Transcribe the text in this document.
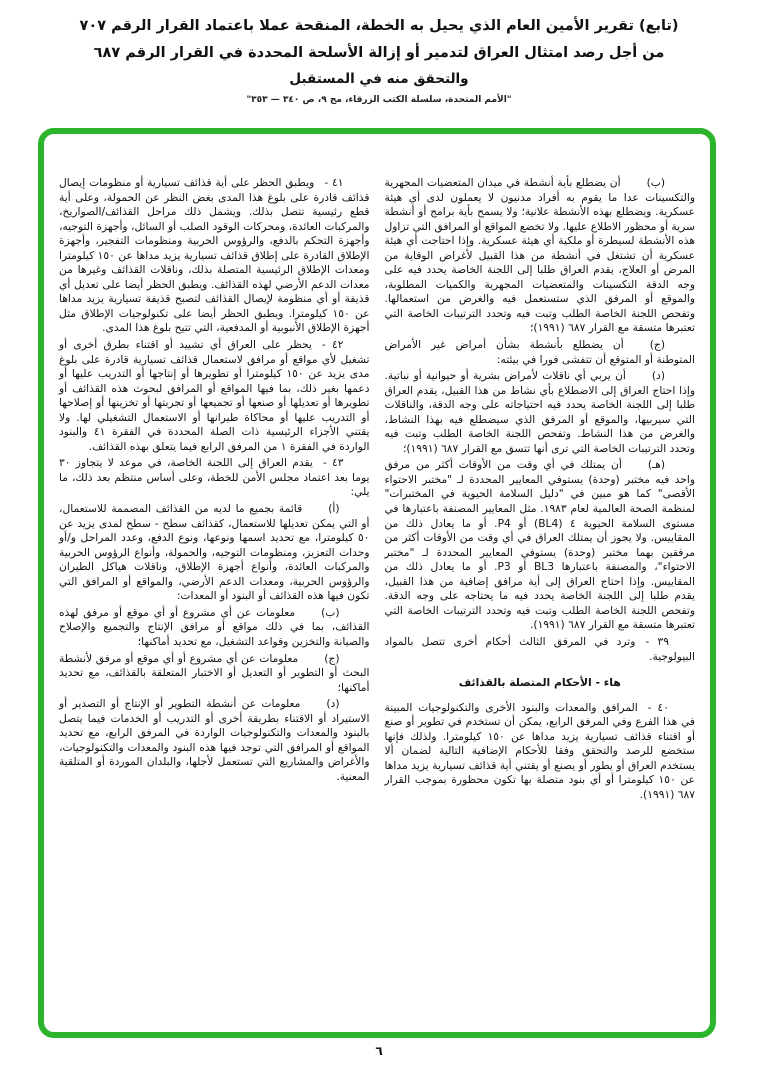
(تابع) تقرير الأمين العام الذي يحيل به الخطة، المنقحة عملا باعتماد القرار الرقم ٧٠٧

من أجل رصد امتثال العراق لتدمير أو إزالة الأسلحة المحددة في القرار الرقم ٦٨٧

والتحقق منه في المستقبل

"الأمم المتحدة، سلسلة الكتب الزرقاء، مج ٩، ص ٣٤٠ — ٣٥٣"

(ب)أن يضطلع بأية أنشطة في ميدان المتعضيات المجهرية والتكسينات عدا ما يقوم به أفراد مدنيون لا يعملون لدى أي هيئة عسكرية. ويضطلع بهذه الأنشطة علانية؛ ولا يسمح بأية برامج أو أنشطة سرية أو محظور الاطلاع عليها. ولا تخضع المواقع أو المرافق التي تزاول هذه الأنشطة لسيطرة أو ملكية أي هيئة عسكرية. وإذا احتاجت أي هيئة عسكرية أن تشتغل في أنشطة من هذا القبيل لأغراض الوقاية من المرض أو العلاج، يقدم العراق طلبا إلى اللجنة الخاصة يحدد فيه على وجه الدقة التكسينات والمتعضيات المجهرية والكميات المطلوبة، والموقع أو المرفق الذي ستستعمل فيه والغرض من استعمالها. وتفحص اللجنة الخاصة الطلب وتبت فيه وتحدد الترتيبات الخاصة التي تعتبرها متسقة مع القرار ٦٨٧ (١٩٩١)؛

(ج)أن يضطلع بأنشطة بشأن أمراض غير الأمراض المتوطنة أو المتوقع أن تتفشى فورا في بيئته:

(د)أن يربي أي ناقلات لأمراض بشرية أو حيوانية أو نباتية. وإذا احتاج العراق إلى الاضطلاع بأي نشاط من هذا القبيل، يقدم العراق طلبا إلى اللجنة الخاصة يحدد فيه احتياجاته على وجه الدقة، والناقلات التي سيربيها، والموقع أو المرفق الذي سيضطلع فيه بهذا النشاط، والغرض من هذا النشاط. وتفحص اللجنة الخاصة الطلب وتبت فيه وتحدد الترتيبات الخاصة التي ترى أنها تتسق مع القرار ٦٨٧ (١٩٩١)؛

(هـ)أن يمتلك في أي وقت من الأوقات أكثر من مرفق واحد فيه مختبر (وحدة) يستوفي المعايير المحددة لـ "مختبر الاحتواء الأقصى" كما هو مبين في "دليل السلامة الحيوية في المختبرات" لمنظمة الصحة العالمية لعام ١٩٨٣. مثل المعايير المصنفة باعتبارها في مستوى السلامة الحيوية ٤ (BL4) أو P4. أو ما يعادل ذلك من المقاييس. ولا يجوز أن يمتلك العراق في أي وقت من الأوقات أكثر من مرفقين بهما مختبر (وحدة) يستوفي المعايير المحددة لـ "مختبر الاحتواء"، والمصنفة باعتبارها BL3 أو P3. أو ما يعادل ذلك من المقاييس. وإذا احتاج العراق إلى أية مرافق إضافية من هذا القبيل، يقدم طلبا إلى اللجنة الخاصة يحدد فيه ما يحتاجه على وجه الدقة. وتفحص اللجنة الخاصة الطلب وتبت فيه وتحدد الترتيبات الخاصة التي تعتبرها متسقة مع القرار ٦٨٧ (١٩٩١).

٣٩ -وترد في المرفق الثالث أحكام أخرى تتصل بالمواد البيولوجية.

هاء - الأحكام المتصلة بالقذائف

٤٠ -المرافق والمعدات والبنود الأخرى والتكنولوجيات المبينة في هذا الفرع وفي المرفق الرابع، يمكن أن تستخدم في تطوير أو صنع أو اقتناء قذائف تسيارية يزيد مداها عن ١٥٠ كيلومترا. ولذلك فإنها ستخضع للرصد والتحقق وفقا للأحكام الإضافية التالية لضمان ألا يستخدم العراق أو يطور أو يصنع أو يقتني أية قذائف تسيارية يزيد مداها عن ١٥٠ كيلومترا أو أي بنود متصلة بها تكون محظورة بموجب القرار ٦٨٧ (١٩٩١).

٤١ -ويطبق الحظر على أية قذائف تسيارية أو منظومات إيصال قذائف قادرة على بلوغ هذا المدى بغض النظر عن الحمولة، وعلى أية قطع رئيسية تتصل بذلك. ويشمل ذلك مراحل القذائف/الصواريخ، والمركبات العائدة، ومحركات الوقود الصلب أو السائل، وأجهزة التوجيه، وأجهزة التحكم بالدفع، والرؤوس الحربية ومنظومات التفجير، وأجهزة الإطلاق القادرة على إطلاق قذائف تسيارية يزيد مداها عن ١٥٠ كيلومترا ومعدات الإطلاق الرئيسية المتصلة بذلك، وناقلات القذائف وغيرها من معدات الدعم الأرضي لهذه القذائف. ويطبق الحظر أيضا على تعديل أي قذيفة أو أي منظومة لإيصال القذائف لتصبح قذيفة تسيارية يزيد مداها عن ١٥٠ كيلومترا. ويطبق الحظر أيضا على تكنولوجيات الإطلاق مثل أجهزة الإطلاق الأنبوبية أو المدفعية، التي تتيح بلوغ هذا المدى.

٤٢ -يحظر على العراق أي تشييد أو اقتناء بطرق أخرى أو تشغيل لأي مواقع أو مرافق لاستعمال قذائف تسيارية قادرة على بلوغ مدى يزيد عن ١٥٠ كيلومترا أو تطويرها أو إنتاجها أو التدريب عليها أو دعمها بغير ذلك، بما فيها المواقع أو المرافق لبحوث هذه القذائف أو تطويرها أو تعديلها أو صنعها أو تجميعها أو تجربتها أو تخزينها أو إصلاحها أو التدريب عليها أو محاكاة طيرانها أو الاستعمال التشغيلي لها. ولا يقتني الأجزاء الرئيسية ذات الصلة المحددة في الفقرة ٤١ والبنود الواردة في الفقرة ١ من المرفق الرابع فيما يتعلق بهذه القذائف.

٤٣ -يقدم العراق إلى اللجنة الخاصة، في موعد لا يتجاوز ٣٠ يوما بعد اعتماد مجلس الأمن للخطة، وعلى أساس منتظم بعد ذلك، ما يلي:

(أ)قائمة بجميع ما لديه من القذائف المصممة للاستعمال، أو التي يمكن تعديلها للاستعمال، كقذائف سطح - سطح لمدى يزيد عن ٥٠ كيلومترا، مع تحديد اسمها ونوعها، ونوع الدفع، وعدد المراحل و/أو وحدات التعزيز، ومنظومات التوجيه، والحمولة، وأنواع الرؤوس الحربية والمركبات العائدة، وأنواع أجهزة الإطلاق، وناقلات هياكل الطيران والرؤوس الحربية، ومعدات الدعم الأرضي، والمواقع أو المرافق التي تكون فيها هذه القذائف أو البنود أو المعدات:

(ب)معلومات عن أي مشروع أو أي موقع أو مرفق لهذه القذائف، بما في ذلك مواقع أو مرافق الإنتاج والتجميع والإصلاح والصيانة والتخزين وقواعد التشغيل، مع تحديد أماكنها؛

(ج)معلومات عن أي مشروع أو أي موقع أو مرفق لأنشطة البحث أو التطوير أو التعديل أو الاختبار المتعلقة بالقذائف، مع تحديد أماكنها؛

(د)معلومات عن أنشطة التطوير أو الإنتاج أو التصدير أو الاستيراد أو الاقتناء بطريقة أخرى أو التدريب أو الخدمات فيما يتصل بالبنود والمعدات والتكنولوجيات الواردة في المرفق الرابع، مع تحديد المواقع أو المرافق التي توجد فيها هذه البنود والمعدات والتكنولوجيات، والأغراض والمشاريع التي تستعمل لأجلها، والبلدان الموردة أو المتلقية المعنية.

٦
